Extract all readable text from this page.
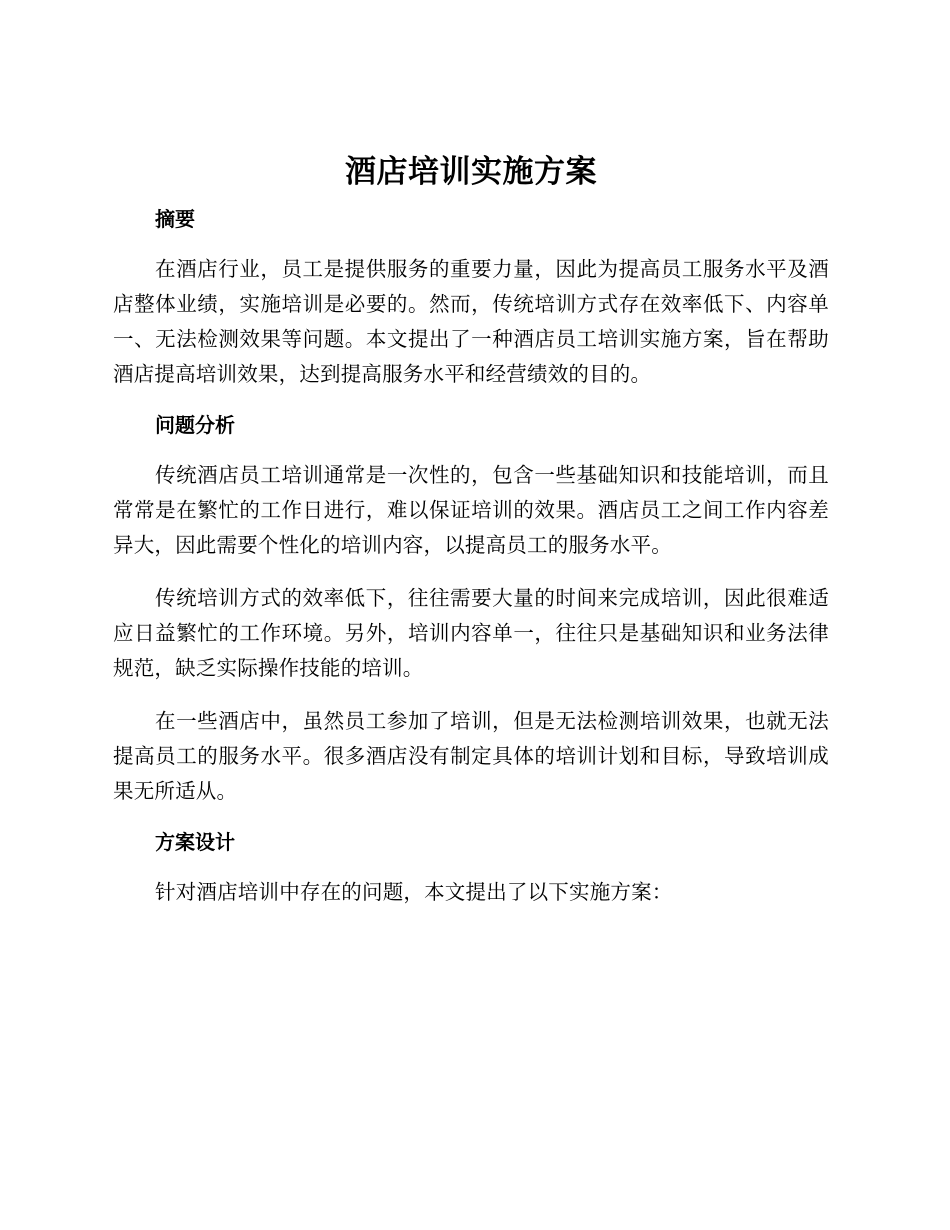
酒店培训实施方案
摘要

在酒店行业，员工是提供服务的重要力量，因此为提高员工服务水平及酒店整体业绩，实施培训是必要的。然而，传统培训方式存在效率低下、内容单一、无法检测效果等问题。本文提出了一种酒店员工培训实施方案，旨在帮助酒店提高培训效果，达到提高服务水平和经营绩效的目的。

问题分析

传统酒店员工培训通常是一次性的，包含一些基础知识和技能培训，而且常常是在繁忙的工作日进行，难以保证培训的效果。酒店员工之间工作内容差异大，因此需要个性化的培训内容，以提高员工的服务水平。

传统培训方式的效率低下，往往需要大量的时间来完成培训，因此很难适应日益繁忙的工作环境。另外，培训内容单一，往往只是基础知识和业务法律规范，缺乏实际操作技能的培训。

在一些酒店中，虽然员工参加了培训，但是无法检测培训效果，也就无法提高员工的服务水平。很多酒店没有制定具体的培训计划和目标，导致培训成果无所适从。

方案设计

针对酒店培训中存在的问题，本文提出了以下实施方案：
